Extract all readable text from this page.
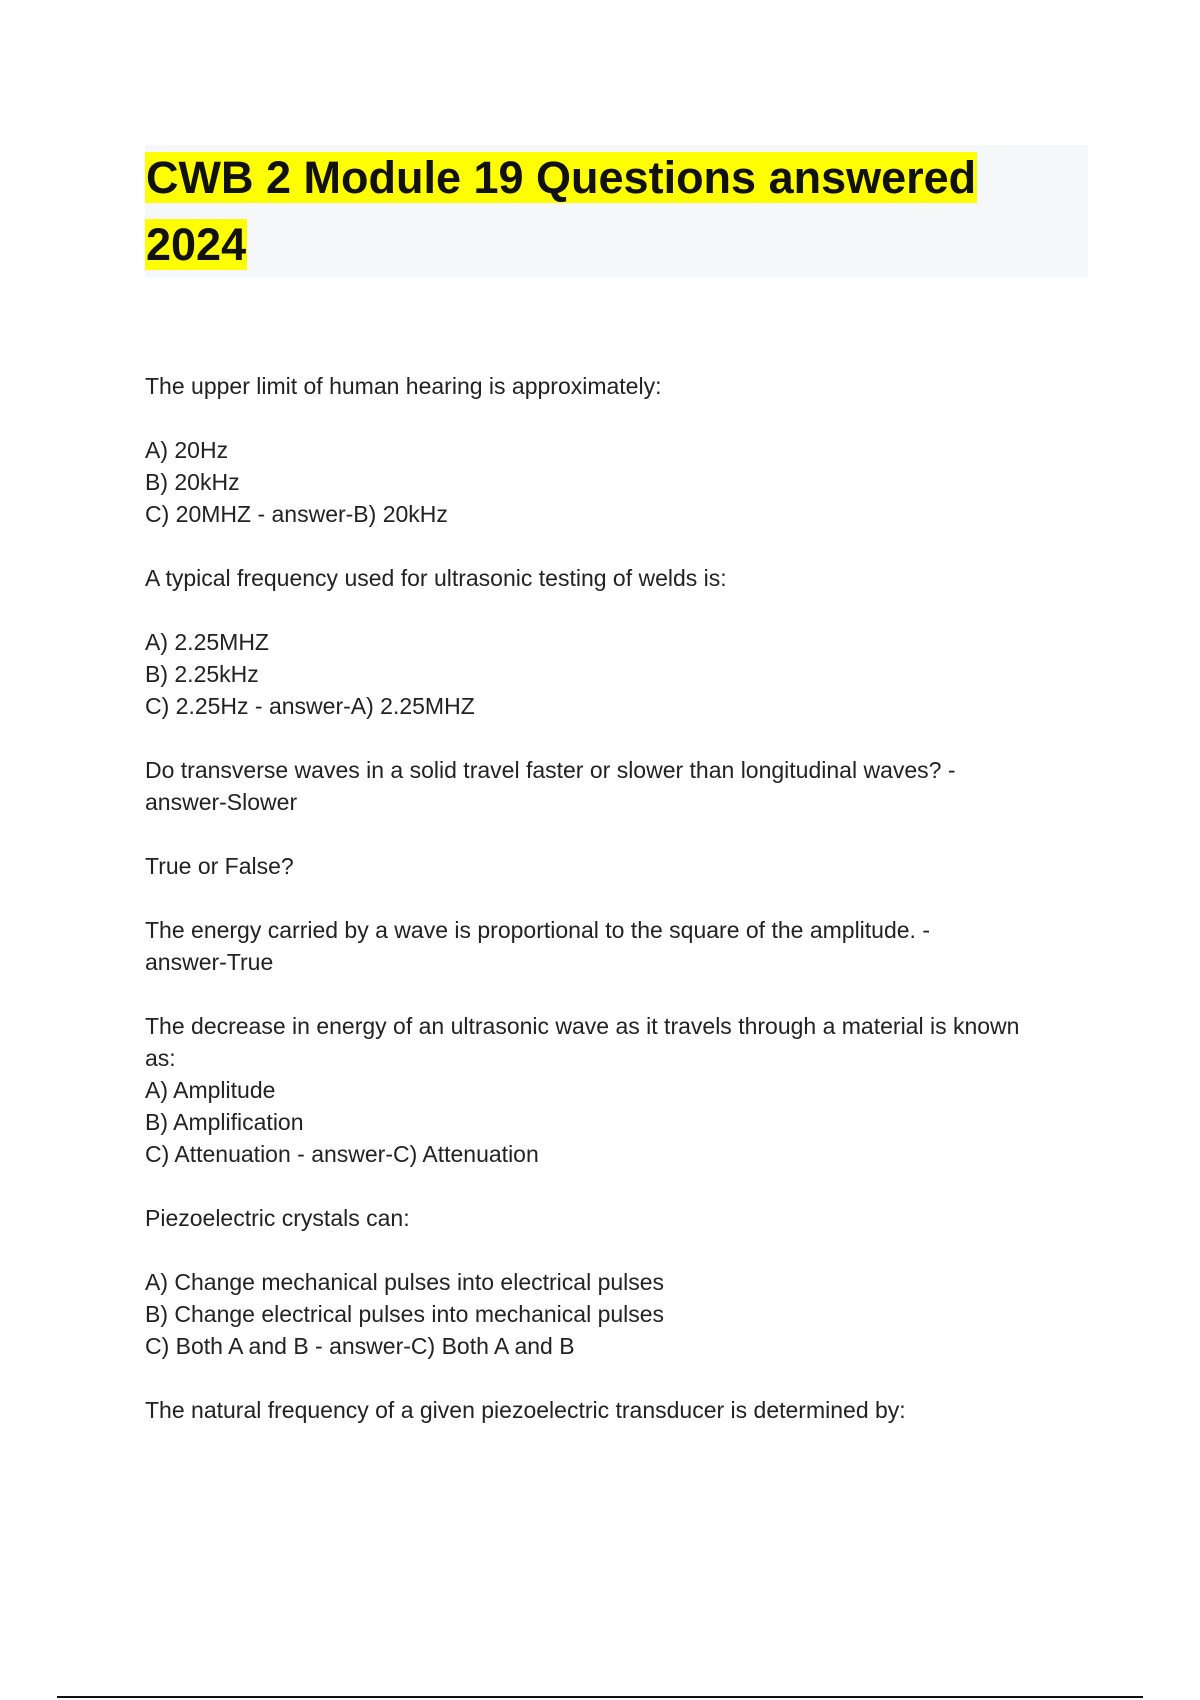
CWB 2 Module 19 Questions answered
2024
The upper limit of human hearing is approximately:
A) 20Hz
B) 20kHz
C) 20MHZ - answer-B) 20kHz
A typical frequency used for ultrasonic testing of welds is:
A) 2.25MHZ
B) 2.25kHz
C) 2.25Hz - answer-A) 2.25MHZ
Do transverse waves in a solid travel faster or slower than longitudinal waves? -
answer-Slower
True or False?
The energy carried by a wave is proportional to the square of the amplitude. -
answer-True
The decrease in energy of an ultrasonic wave as it travels through a material is known
as:
A) Amplitude
B) Amplification
C) Attenuation - answer-C) Attenuation
Piezoelectric crystals can:
A) Change mechanical pulses into electrical pulses
B) Change electrical pulses into mechanical pulses
C) Both A and B - answer-C) Both A and B
The natural frequency of a given piezoelectric transducer is determined by:
